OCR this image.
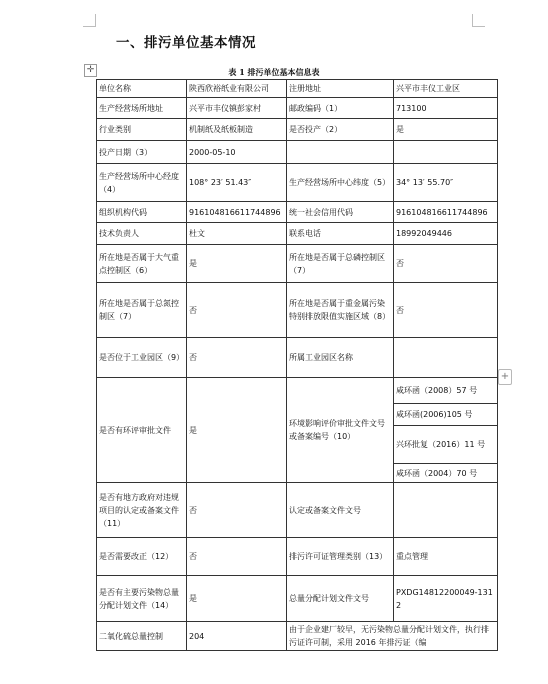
一、排污单位基本情况
✛	表 1 排污单位基本信息表
单位名称	陕西欣裕纸业有限公司	注册地址	兴平市丰仪工业区
生产经营场所地址	兴平市丰仪镇彭家村	邮政编码（1）	713100
行业类别	机制纸及纸板制造	是否投产（2）	是
投产日期（3）	2000-05-10		
生产经营场所中心经度（4）	108° 23′ 51.43″	生产经营场所中心纬度（5）	34° 13′ 55.70″
组织机构代码	916104816611744896	统一社会信用代码	916104816611744896
技术负责人	杜文	联系电话	18992049446
所在地是否属于大气重点控制区（6）	是	所在地是否属于总磷控制区（7）	否
所在地是否属于总氮控制区（7）	否	所在地是否属于重金属污染特别排放限值实施区域（8）	否
是否位于工业园区（9）	否	所属工业园区名称	
是否有环评审批文件	是	环境影响评价审批文件文号或备案编号（10）	咸环函（2008）57 号
			咸环函(2006)105 号
			兴环批复（2016）11 号
			咸环函（2004）70 号
是否有地方政府对违规项目的认定或备案文件（11）	否	认定或备案文件文号	
是否需要改正（12）	否	排污许可证管理类别（13）	重点管理
是否有主要污染物总量分配计划文件（14）	是	总量分配计划文件文号	PXDG14812200049-1312
二氧化硫总量控制	204	由于企业建厂较早，无污染物总量分配计划文件，执行排污证许可制，采用 2016 年排污证（编	
+
